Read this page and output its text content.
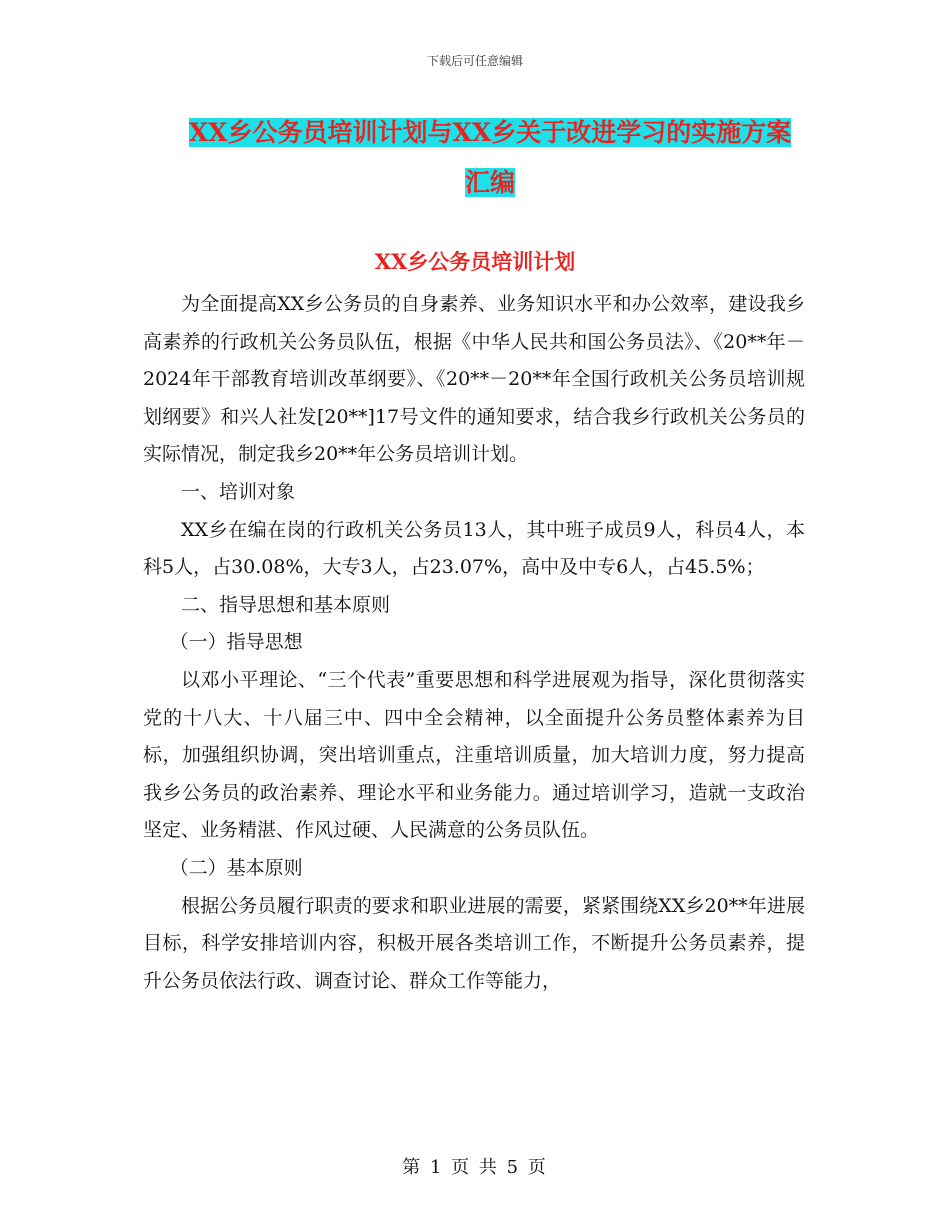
下载后可任意编辑
XX乡公务员培训计划与XX乡关于改进学习的实施方案
汇编
XX乡公务员培训计划

为全面提高XX乡公务员的自身素养、业务知识水平和办公效率，建设我乡高素养的行政机关公务员队伍，根据《中华人民共和国公务员法》、《20**年－2024年干部教育培训改革纲要》、《20**－20**年全国行政机关公务员培训规划纲要》和兴人社发[20**]17号文件的通知要求，结合我乡行政机关公务员的实际情况，制定我乡20**年公务员培训计划。

一、培训对象

XX乡在编在岗的行政机关公务员13人，其中班子成员9人，科员4人，本科5人，占30.08%，大专3人，占23.07%，高中及中专6人，占45.5%；

二、指导思想和基本原则

（一）指导思想

以邓小平理论、“三个代表”重要思想和科学进展观为指导，深化贯彻落实党的十八大、十八届三中、四中全会精神，以全面提升公务员整体素养为目标，加强组织协调，突出培训重点，注重培训质量，加大培训力度，努力提高我乡公务员的政治素养、理论水平和业务能力。通过培训学习，造就一支政治坚定、业务精湛、作风过硬、人民满意的公务员队伍。

（二）基本原则

根据公务员履行职责的要求和职业进展的需要，紧紧围绕XX乡20**年进展目标，科学安排培训内容，积极开展各类培训工作，不断提升公务员素养，提升公务员依法行政、调查讨论、群众工作等能力，

第 1 页 共 5 页
